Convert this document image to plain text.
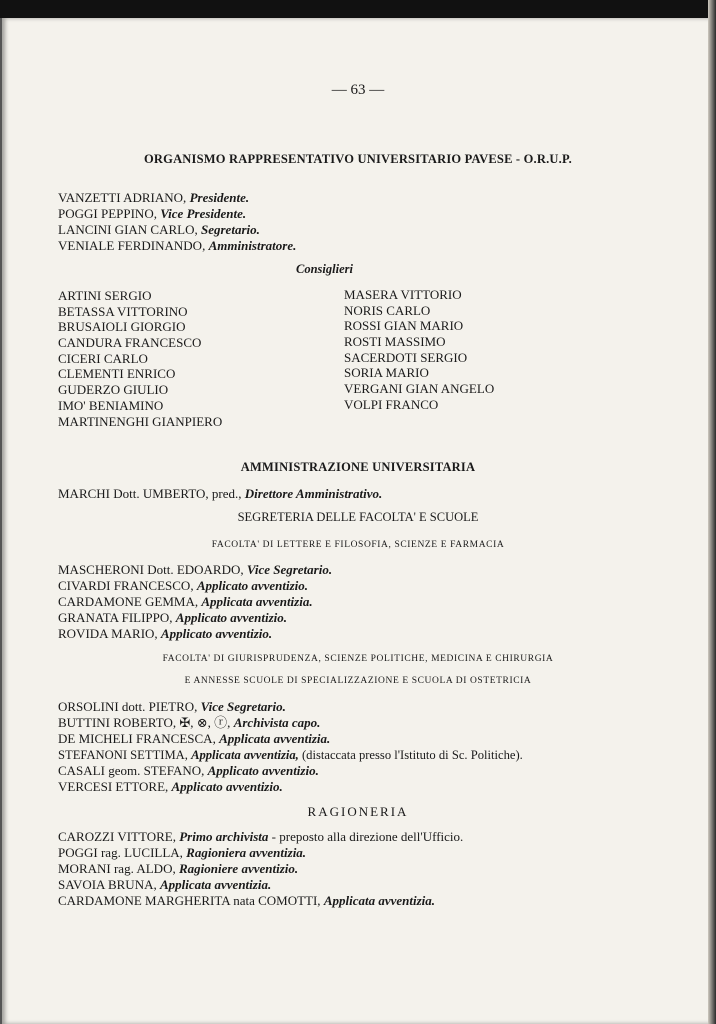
— 63 —
ORGANISMO RAPPRESENTATIVO UNIVERSITARIO PAVESE - O.R.U.P.
VANZETTI ADRIANO, Presidente.
POGGI PEPPINO, Vice Presidente.
LANCINI GIAN CARLO, Segretario.
VENIALE FERDINANDO, Amministratore.
Consiglieri
ARTINI SERGIO
BETASSA VITTORINO
BRUSAIOLI GIORGIO
CANDURA FRANCESCO
CICERI CARLO
CLEMENTI ENRICO
GUDERZO GIULIO
IMO' BENIAMINO
MARTINENGHI GIANPIERO
MASERA VITTORIO
NORIS CARLO
ROSSI GIAN MARIO
ROSTI MASSIMO
SACERDOTI SERGIO
SORIA MARIO
VERGANI GIAN ANGELO
VOLPI FRANCO
AMMINISTRAZIONE UNIVERSITARIA
MARCHI Dott. UMBERTO, pred., Direttore Amministrativo.
SEGRETERIA DELLE FACOLTA' E SCUOLE
FACOLTA' DI LETTERE E FILOSOFIA, SCIENZE E FARMACIA
MASCHERONI Dott. EDOARDO, Vice Segretario.
CIVARDI FRANCESCO, Applicato avventizio.
CARDAMONE GEMMA, Applicata avventizia.
GRANATA FILIPPO, Applicato avventizio.
ROVIDA MARIO, Applicato avventizio.
FACOLTA' DI GIURISPRUDENZA, SCIENZE POLITICHE, MEDICINA E CHIRURGIA
E ANNESSE SCUOLE DI SPECIALIZZAZIONE E SCUOLA DI OSTETRICIA
ORSOLINI dott. PIETRO, Vice Segretario.
BUTTINI ROBERTO, ✠, ⊗, ⓡ, Archivista capo.
DE MICHELI FRANCESCA, Applicata avventizia.
STEFANONI SETTIMA, Applicata avventizia, (distaccata presso l'Istituto di Sc. Politiche).
CASALI geom. STEFANO, Applicato avventizio.
VERCESI ETTORE, Applicato avventizio.
RAGIONERIA
CAROZZI VITTORE, Primo archivista - preposto alla direzione dell'Ufficio.
POGGI rag. LUCILLA, Ragioniera avventizia.
MORANI rag. ALDO, Ragioniere avventizio.
SAVOIA BRUNA, Applicata avventizia.
CARDAMONE MARGHERITA nata COMOTTI, Applicata avventizia.
